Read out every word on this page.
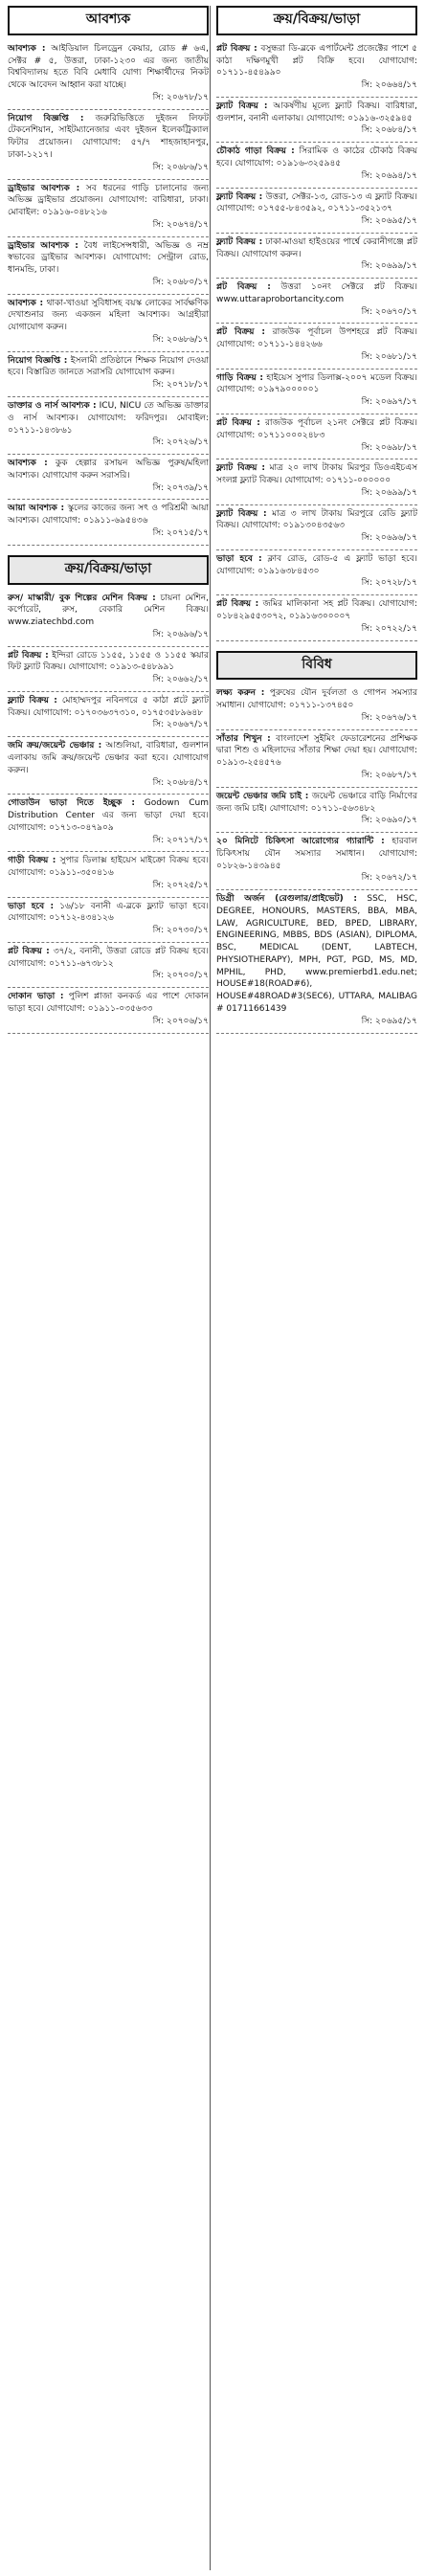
আবশ্যক
আবশ্যক : আইডিয়াল চিলড্রেন কেয়ার, রোড # ৬এ, সেক্টর # ৫, উত্তরা, ঢাকা-১২৩০ এর জন্য জাতীয় বিশ্ববিদ্যালয় হতে বিবি মেধাবি যোগ্য শিক্ষার্থীদের নিকট থেকে আবেদন আহ্বান করা যাচ্ছে।
সি: ২০৬৭৮/১৭
নিয়োগ বিজ্ঞপ্তি : জরুরিভিত্তিতে দুইজন লিফট টেকনেশিয়ান, সাইটম্যানেজার এবং দুইজন ইলেকট্রিক্যাল ফিটার প্রয়োজন। যোগাযোগ: ৫৭/৭ শাহজাহানপুর, ঢাকা-১২১৭।
সি: ২০৬৮৬/১৭
ড্রাইভার আবশ্যক : সব ধরনের গাড়ি চালানোর জন্য অভিজ্ঞ ড্রাইভার প্রয়োজন। যোগাযোগ: বারিধারা, ঢাকা। মোবাইল: ০১৯১৬-০৪৮২১৬
সি: ২০৬৭৪/১৭
ড্রাইভার আবশ্যক : বৈধ লাইসেন্সধারী, অভিজ্ঞ ও নম্র স্বভাবের ড্রাইভার আবশ্যক। যোগাযোগ: সেন্ট্রাল রোড, ধানমন্ডি, ঢাকা।
সি: ২০৬৮০/১৭
আবশ্যক : থাকা-খাওয়া সুবিধাসহ বয়স্ক লোকের সার্বক্ষণিক দেখাশুনার জন্য একজন মহিলা আবশ্যক। আগ্রহীরা যোগাযোগ করুন।
সি: ২০৬৮৬/১৭
নিয়োগ বিজ্ঞপ্তি : ইসলামী প্রতিষ্ঠানে শিক্ষক নিয়োগ দেওয়া হবে। বিস্তারিত জানতে সরাসরি যোগাযোগ করুন।
সি: ২০৭১৮/১৭
ডাক্তার ও নার্স আবশ্যক : ICU, NICU তে অভিজ্ঞ ডাক্তার ও নার্স আবশ্যক। যোগাযোগ: ফরিদপুর। মোবাইল: ০১৭১১-১৪৩৮৬১
সি: ২০৭২৬/১৭
আবশ্যক : কুক হেল্পার রসায়ন অভিজ্ঞ পুরুষ/মহিলা আবশ্যক। যোগাযোগ করুন সরাসরি।
সি: ২০৭৩৯/১৭
আয়া আবশ্যক : স্কুলের কাজের জন্য সৎ ও পরিশ্রমী আয়া আবশ্যক। যোগাযোগ: ০১৯১১-৬৯৫৪৩৬
সি: ২০৭১৫/১৭
ক্রয়/বিক্রয়/ভাড়া
রুস/ মাস্কারী/ বুক শিল্পের মেশিন বিক্রয় : চায়না মেশিন, কর্পোরেট, রুস, বেকারি মেশিন বিক্রয়। www.ziatechbd.com
সি: ২০৬৯৬/১৭
প্লট বিক্রয় : ইন্দিরা রোডে ১১৫৫, ১১৫৫ ও ১১৫৫ স্কয়ার ফিট ফ্ল্যাট বিক্রয়। যোগাযোগ: ০১৯১৩-৫৪৮৯৯১
সি: ২০৬৬২/১৭
ফ্ল্যাট বিক্রয় : মোহাম্মদপুর নবিনগরে ৫ কাঠা প্লটে ফ্ল্যাট বিক্রয়। যোগাযোগ: ০১৭০৩৬৩৭৩১০, ০১৭৫৩৫৮৯৬৪৮
সি: ২০৬৬৭/১৭
জমি ক্রয়/জয়েন্ট ভেঞ্চার : আশুলিয়া, বারিধারা, গুলশান এলাকায় জমি ক্রয়/জয়েন্ট ভেঞ্চার করা হবে। যোগাযোগ করুন।
সি: ২০৬৮৪/১৭
গোডাউন ভাড়া দিতে ইচ্ছুক : Godown Cum Distribution Center এর জন্য ভাড়া দেয়া হবে। যোগাযোগ: ০১৭১৩-০৪৭৯০৯
সি: ২০৭১৭/১৭
গাড়ী বিক্রয় : সুপার ডিলাক্স হাইয়েস মাইক্রো বিক্রয় হবে। যোগাযোগ: ০১৯১১-৩৫০৪১৬
সি: ২০৭২৫/১৭
ভাড়া হবে : ১৬/১৮ বনানী এ-ব্লকে ফ্ল্যাট ভাড়া হবে। যোগাযোগ: ০১৭১২-৪৩৪১২৬
সি: ২০৭৩০/১৭
প্লট বিক্রয় : ৩৭/২, বনানী, উত্তরা রোডে প্লট বিক্রয় হবে। যোগাযোগ: ০১৭১১-৬৭৩৮১২
সি: ২০৭০০/১৭
দোকান ভাড়া : পুলিশ প্লাজা কনকর্ড এর পাশে দোকান ভাড়া হবে। যোগাযোগ: ০১৯১১-০৩৫৬৩৩
সি: ২০৭০৬/১৭
ক্রয়/বিক্রয়/ভাড়া
প্লট বিক্রয় : বসুন্ধরা ডি-ব্লকে এপার্টমেন্ট প্রজেক্টের পাশে ৫ কাঠা দক্ষিণমুখী প্লট বিক্রি হবে। যোগাযোগ: ০১৭১১-৪৫৪৯৯০
সি: ২০৬৬৪/১৭
ফ্ল্যাট বিক্রয় : আকর্ষণীয় মূল্যে ফ্ল্যাট বিক্রয়। বারিধারা, গুলশান, বনানী এলাকায়। যোগাযোগ: ০১৯১৬-৩২৫৯৪৫
সি: ২০৬৮৪/১৭
চৌকাঠ গাড়া বিক্রয় : সিরামিক ও কাঠের চৌকাঠ বিক্রয় হবে। যোগাযোগ: ০১৯১৬-৩২৫৯৪৫
সি: ২০৬৯৪/১৭
ফ্ল্যাট বিক্রয় : উত্তরা, সেক্টর-১৩, রোড-১৩ এ ফ্ল্যাট বিক্রয়। যোগাযোগ: ০১৭৫৫-৮৪৩৫৯২, ০১৭১১-৩৫২১৩৭
সি: ২০৬৯৫/১৭
ফ্ল্যাট বিক্রয় : ঢাকা-মাওয়া হাইওয়ের পার্শ্বে কেরানীগঞ্জে প্লট বিক্রয়। যোগাযোগ করুন।
সি: ২০৬৯৯/১৭
প্লট বিক্রয় : উত্তরা ১০নং সেক্টরে প্লট বিক্রয়। www.uttaraprobortancity.com
সি: ২০৬৭০/১৭
প্লট বিক্রয় : রাজউক পূর্বাচল উপশহরে প্লট বিক্রয়। যোগাযোগ: ০১৭১১-১৪৪২৬৬
সি: ২০৬৮১/১৭
গাড়ি বিক্রয় : হাইয়েস সুপার ডিলাক্স-২০০৭ মডেল বিক্রয়। যোগাযোগ: ০১৯৭৯০০০০০১
সি: ২০৬৯৭/১৭
প্লট বিক্রয় : রাজউক পূর্বাচল ২১নং সেক্টরে প্লট বিক্রয়। যোগাযোগ: ০১৭১১০০০২৪৮৩
সি: ২০৬৯৮/১৭
ফ্ল্যাট বিক্রয় : মাত্র ২০ লাখ টাকায় মিরপুর ডিওএইচএস সংলগ্ন ফ্ল্যাট বিক্রয়। যোগাযোগ: ০১৭১১-০০০০০০
সি: ২০৬৯৯/১৭
ফ্ল্যাট বিক্রয় : মাত্র ৩ লাখ টাকায় মিরপুরে রেডি ফ্ল্যাট বিক্রয়। যোগাযোগ: ০১৯১৩০৪৩৫৬৩
সি: ২০৬৯৬/১৭
ভাড়া হবে : ক্লাব রোড, রোড-৫ এ ফ্ল্যাট ভাড়া হবে। যোগাযোগ: ০১৯১৬৩৮৪৫৩০
সি: ২০৭২৮/১৭
প্লট বিক্রয় : জমির মালিকানা সহ প্লট বিক্রয়। যোগাযোগ: ০১৮৪২৯৫৫৩০৭২, ০১৯১৬৩০০০০৭
সি: ২০৭২২/১৭
বিবিধ
লক্ষ্য করুন : পুরুষের যৌন দুর্বলতা ও গোপন সমস্যার সমাধান। যোগাযোগ: ০১৭১১-১৩৭৪৫০
সি: ২০৬৭৬/১৭
সাঁতার শিখুন : বাংলাদেশ সুইমিং ফেডারেশনের প্রশিক্ষক দ্বারা শিশু ও মহিলাদের সাঁতার শিক্ষা দেয়া হয়। যোগাযোগ: ০১৯১৩-২৫৪৫৭৬
সি: ২০৬৮৭/১৭
জয়েন্ট ভেঞ্চার জমি চাই : জয়েন্ট ভেঞ্চারে বাড়ি নির্মাণের জন্য জমি চাই। যোগাযোগ: ০১৭১১-৫৬৩৪৮২
সি: ২০৬৯০/১৭
২০ মিনিটে চিকিৎসা আরোগ্যের গ্যারান্টি : হারবাল চিকিৎসায় যৌন সমস্যার সমাধান। যোগাযোগ: ০১৮২৬-১৪৩৯৪৫
সি: ২০৬৭২/১৭
ডিগ্রী অর্জন (রেগুলার/প্রাইভেট) : SSC, HSC, DEGREE, HONOURS, MASTERS, BBA, MBA, LAW, AGRICULTURE, BED, BPED, LIBRARY, ENGINEERING, MBBS, BDS (ASIAN), DIPLOMA, BSC, MEDICAL (DENT, LABTECH, PHYSIOTHERAPY), MPH, PGT, PGD, MS, MD, MPHIL, PHD, www.premierbd1.edu.net; HOUSE#18(ROAD#6), HOUSE#48ROAD#3(SEC6), UTTARA, MALIBAG # 01711661439
সি: ২০৬৯৫/১৭
